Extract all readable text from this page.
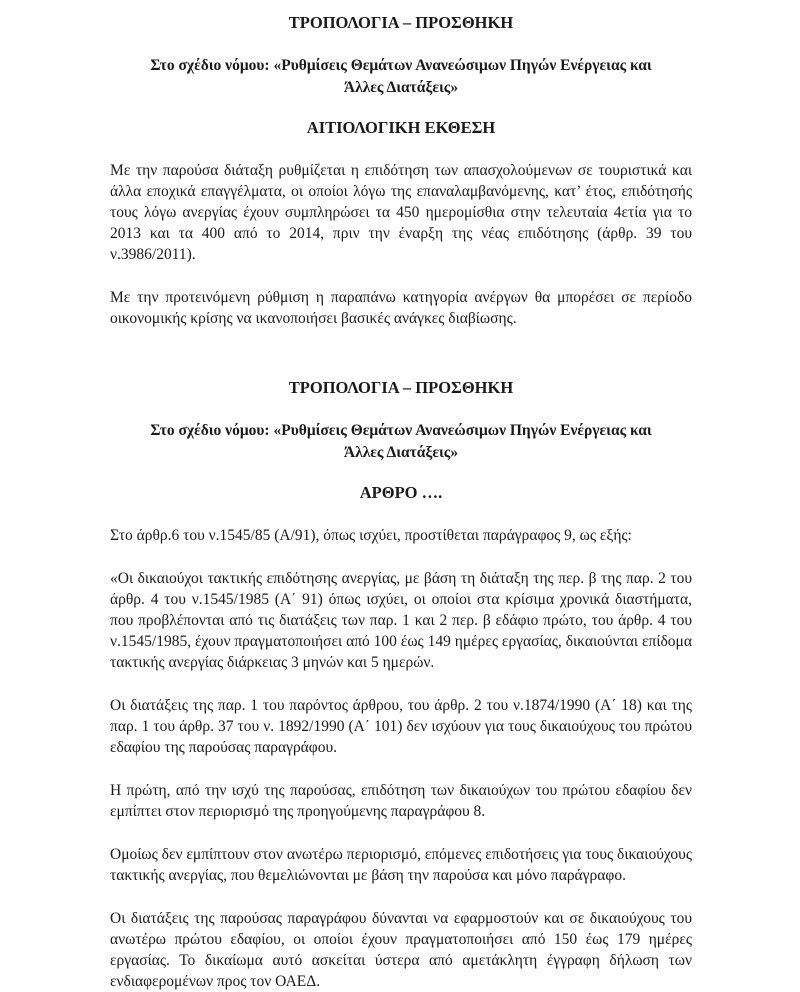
ΤΡΟΠΟΛΟΓΙΑ – ΠΡΟΣΘΗΚΗ
Στο σχέδιο νόμου: «Ρυθμίσεις Θεμάτων Ανανεώσιμων Πηγών Ενέργειας και
Άλλες Διατάξεις»
ΑΙΤΙΟΛΟΓΙΚΗ ΕΚΘΕΣΗ

Με την παρούσα διάταξη ρυθμίζεται η επιδότηση των απασχολούμενων σε τουριστικά και άλλα εποχικά επαγγέλματα, οι οποίοι λόγω της επαναλαμβανόμενης, κατ’ έτος, επιδότησής τους λόγω ανεργίας έχουν συμπληρώσει τα 450 ημερομίσθια στην τελευταία 4ετία για το 2013 και τα 400 από το 2014, πριν την έναρξη της νέας επιδότησης (άρθρ. 39 του ν.3986/2011).

Με την προτεινόμενη ρύθμιση η παραπάνω κατηγορία ανέργων θα μπορέσει σε περίοδο οικονομικής κρίσης να ικανοποιήσει βασικές ανάγκες διαβίωσης.

ΤΡΟΠΟΛΟΓΙΑ – ΠΡΟΣΘΗΚΗ
Στο σχέδιο νόμου: «Ρυθμίσεις Θεμάτων Ανανεώσιμων Πηγών Ενέργειας και
Άλλες Διατάξεις»
ΑΡΘΡΟ ….

Στο άρθρ.6 του ν.1545/85 (Α/91), όπως ισχύει, προστίθεται παράγραφος 9, ως εξής:

«Οι δικαιούχοι τακτικής επιδότησης ανεργίας, με βάση τη διάταξη της περ. β της παρ. 2 του άρθρ. 4 του ν.1545/1985 (Α΄ 91) όπως ισχύει, οι οποίοι στα κρίσιμα χρονικά διαστήματα, που προβλέπονται από τις διατάξεις των παρ. 1 και 2 περ. β εδάφιο πρώτο, του άρθρ. 4 του ν.1545/1985, έχουν πραγματοποιήσει από 100 έως 149 ημέρες εργασίας, δικαιούνται επίδομα τακτικής ανεργίας διάρκειας 3 μηνών και 5 ημερών.

Οι διατάξεις της παρ. 1 του παρόντος άρθρου, του άρθρ. 2 του ν.1874/1990 (Α΄ 18) και της παρ. 1 του άρθρ. 37 του ν. 1892/1990 (Α΄ 101) δεν ισχύουν για τους δικαιούχους του πρώτου εδαφίου της παρούσας παραγράφου.

Η πρώτη, από την ισχύ της παρούσας, επιδότηση των δικαιούχων του πρώτου εδαφίου δεν εμπίπτει στον περιορισμό της προηγούμενης παραγράφου 8.

Ομοίως δεν εμπίπτουν στον ανωτέρω περιορισμό, επόμενες επιδοτήσεις για τους δικαιούχους τακτικής ανεργίας, που θεμελιώνονται με βάση την παρούσα και μόνο παράγραφο.

Οι διατάξεις της παρούσας παραγράφου δύνανται να εφαρμοστούν και σε δικαιούχους του ανωτέρω πρώτου εδαφίου, οι οποίοι έχουν πραγματοποιήσει από 150 έως 179 ημέρες εργασίας. Το δικαίωμα αυτό ασκείται ύστερα από αμετάκλητη έγγραφη δήλωση των ενδιαφερομένων προς τον ΟΑΕΔ.
